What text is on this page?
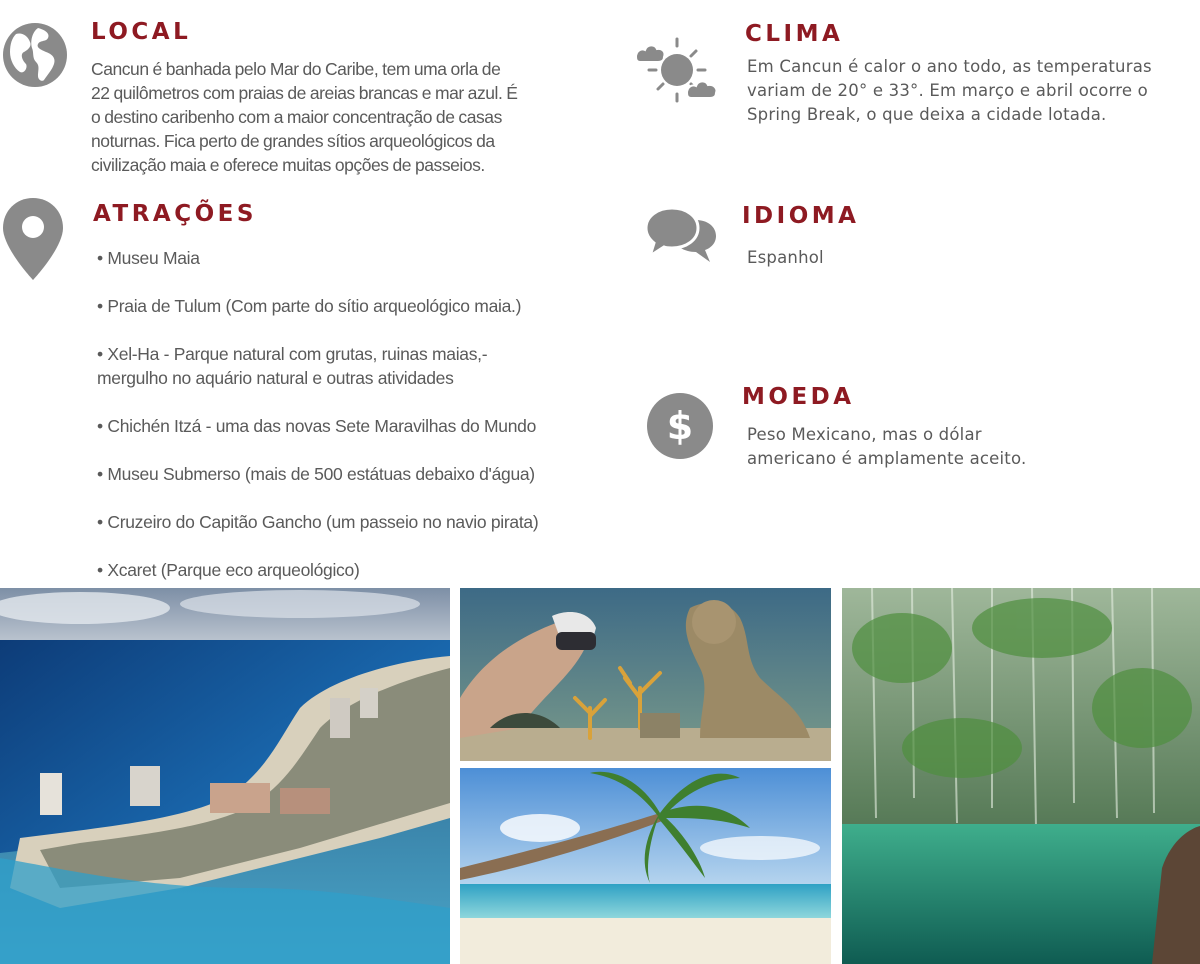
LOCAL
Cancun é banhada pelo Mar do Caribe, tem uma orla de
22 quilômetros com praias de areias brancas e mar azul. É
o destino caribenho com a maior concentração de casas
noturnas. Fica perto de grandes sítios arqueológicos da
civilização maia e oferece muitas opções de passeios.
ATRAÇÕES
• Museu Maia
• Praia de Tulum (Com parte do sítio arqueológico maia.)
• Xel-Ha - Parque natural com grutas, ruinas maias,-
mergulho no aquário natural e outras atividades
• Chichén Itzá - uma das novas Sete Maravilhas do Mundo
• Museu Submerso (mais de 500 estátuas debaixo d'água)
• Cruzeiro do Capitão Gancho (um passeio no navio pirata)
• Xcaret (Parque eco arqueológico)
CLIMA
Em Cancun é calor o ano todo, as temperaturas
variam de 20° e 33°. Em março e abril ocorre o
Spring Break, o que deixa a cidade lotada.
IDIOMA
Espanhol
$
MOEDA
Peso Mexicano, mas o dólar
americano é amplamente aceito.
